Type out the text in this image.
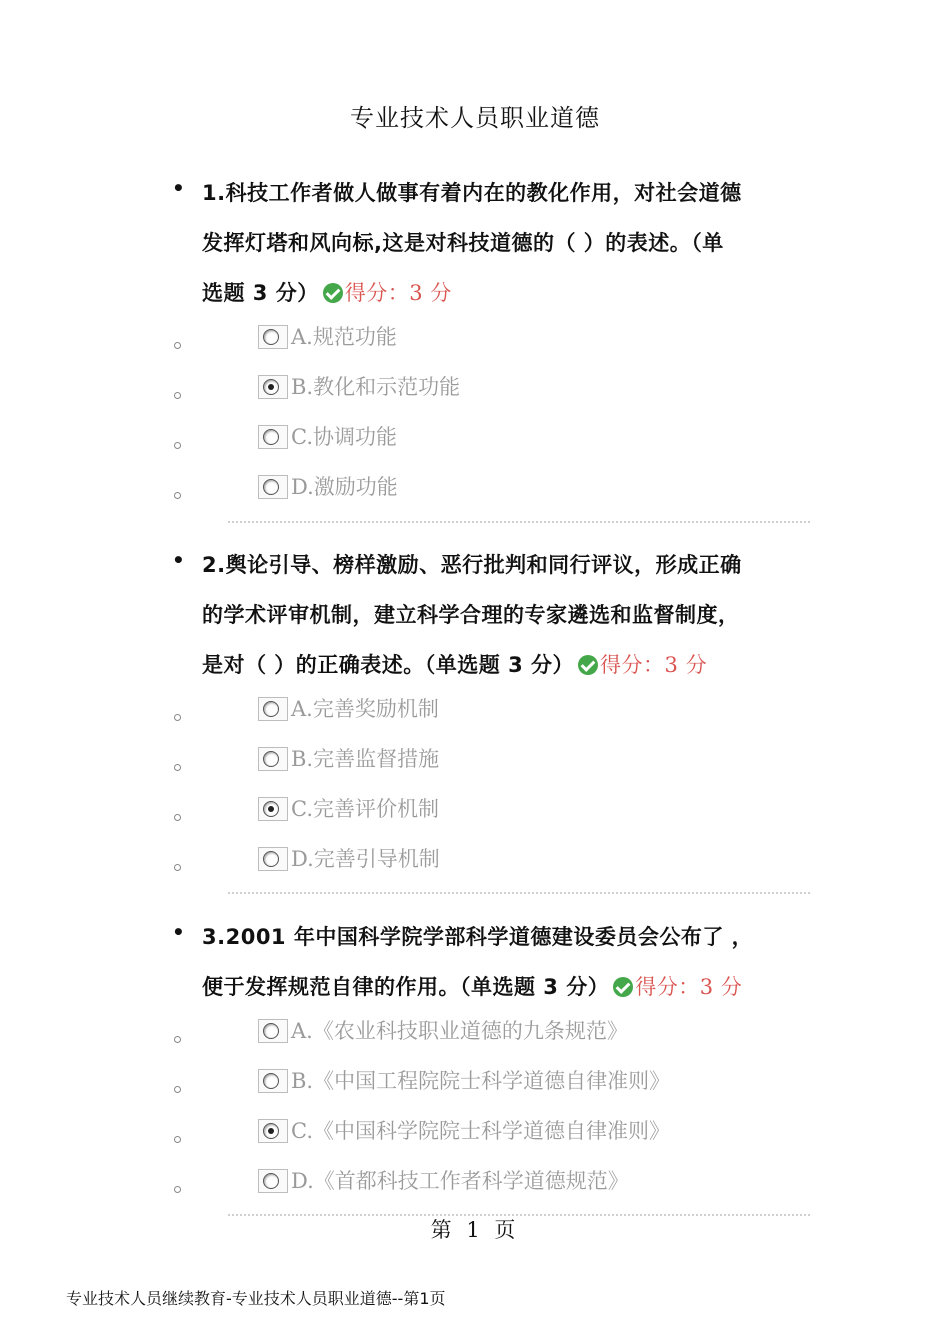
专业技术人员职业道德
• 1.科技工作者做人做事有着内在的教化作用，对社会道德
发挥灯塔和风向标,这是对科技道德的（ ）的表述。（单
选题 3 分） 得分：3 分
A.规范功能
B.教化和示范功能
C.协调功能
D.激励功能
• 2.舆论引导、榜样激励、恶行批判和同行评议，形成正确
的学术评审机制，建立科学合理的专家遴选和监督制度，
是对（ ）的正确表述。（单选题 3 分） 得分：3 分
A.完善奖励机制
B.完善监督措施
C.完善评价机制
D.完善引导机制
• 3.2001 年中国科学院学部科学道德建设委员会公布了 ，
便于发挥规范自律的作用。（单选题 3 分） 得分：3 分
A.《农业科技职业道德的九条规范》
B.《中国工程院院士科学道德自律准则》
C.《中国科学院院士科学道德自律准则》
D.《首都科技工作者科学道德规范》
第 1 页
专业技术人员继续教育-专业技术人员职业道德--第1页
